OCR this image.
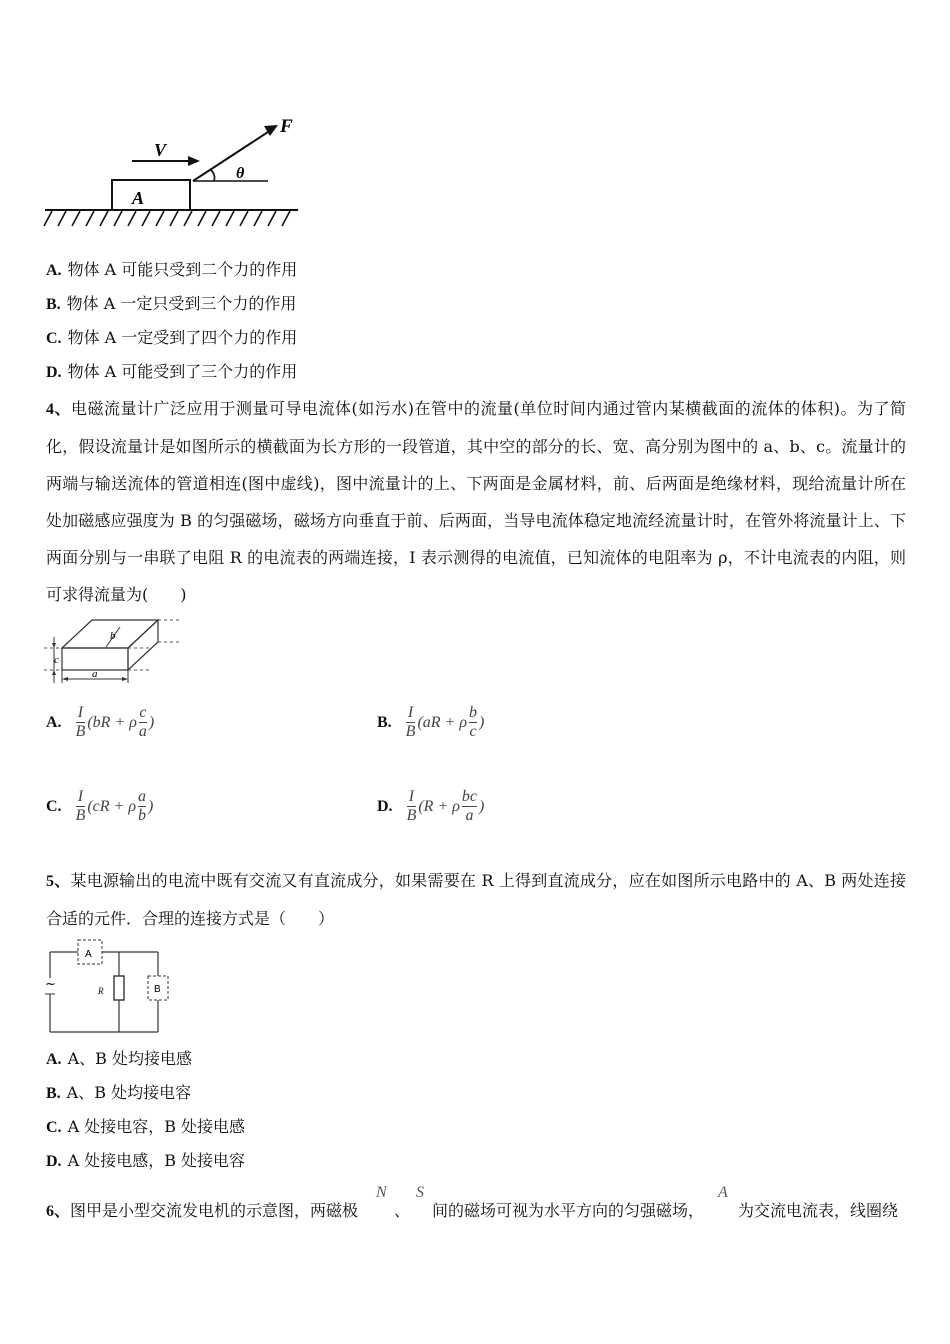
A
V
F
θ
A. 物体 A 可能只受到二个力的作用
B. 物体 A 一定只受到三个力的作用
C. 物体 A 一定受到了四个力的作用
D. 物体 A 可能受到了三个力的作用
4、电磁流量计广泛应用于测量可导电流体(如污水)在管中的流量(单位时间内通过管内某横截面的流体的体积)。为了简化，假设流量计是如图所示的横截面为长方形的一段管道，其中空的部分的长、宽、高分别为图中的 a、b、c。流量计的两端与输送流体的管道相连(图中虚线)，图中流量计的上、下两面是金属材料，前、后两面是绝缘材料，现给流量计所在处加磁感应强度为 B 的匀强磁场，磁场方向垂直于前、后两面，当导电流体稳定地流经流量计时，在管外将流量计上、下两面分别与一串联了电阻 R 的电流表的两端连接，I 表示测得的电流值，已知流体的电阻率为 ρ，不计电流表的内阻，则可求得流量为(　　)
c
b
a
A. $\frac{I}{B} (bR + \rho \frac{c}{a}$ )	B. $\frac{I}{B} (aR + \rho \frac{b}{c}$ )
C. $\frac{I}{B} (cR + \rho \frac{a}{b}$ )	D. $\frac{I}{B} (R + \rho \frac{bc}{a}$ )
5、某电源输出的电流中既有交流又有直流成分，如果需要在 R 上得到直流成分，应在如图所示电路中的 A、B 两处连接合适的元件．合理的连接方式是（　　）
A
B
~	R
A. A、B 处均接电感
B. A、B 处均接电容
C. A 处接电容，B 处接电感
D. A 处接电感，B 处接电容
6、图甲是小型交流发电机的示意图，两磁极
N
、
S
间的磁场可视为水平方向的匀强磁场，
A
为交流电流表，线圈绕
